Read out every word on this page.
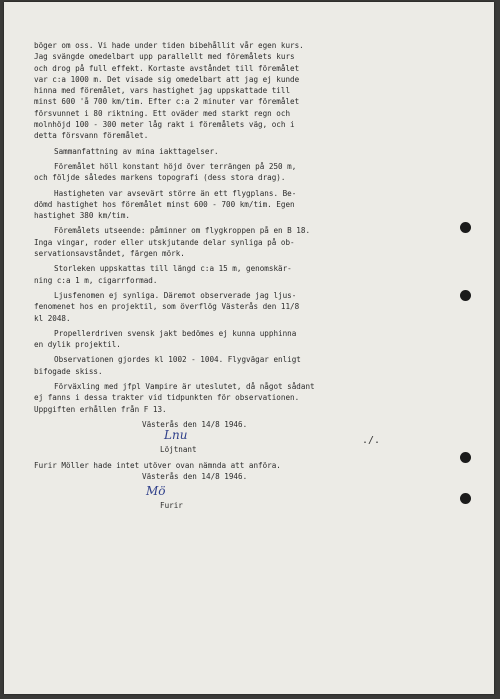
böger om oss. Vi hade under tiden bibehållit vår egen kurs.
Jag svängde omedelbart upp parallellt med föremålets kurs
och drog på full effekt. Kortaste avståndet till föremålet
var c:a 1000 m. Det visade sig omedelbart att jag ej kunde
hinna med föremålet, vars hastighet jag uppskattade till
minst 600 'å 700 km/tim. Efter c:a 2 minuter var föremålet
försvunnet i 80 riktning. Ett oväder med starkt regn och
molnhöjd 100 - 300 meter låg rakt i föremålets väg, och i
detta försvann föremålet.
Sammanfattning av mina iakttagelser.
Föremålet höll konstant höjd över terrängen på 250 m,
och följde således markens topografi (dess stora drag).
Hastigheten var avsevärt större än ett flygplans. Be-
dömd hastighet hos föremålet minst 600 - 700 km/tim. Egen
hastighet 380 km/tim.
Föremålets utseende: påminner om flygkroppen på en B 18.
Inga vingar, roder eller utskjutande delar synliga på ob-
servationsavståndet, färgen mörk.
Storleken uppskattas till längd c:a 15 m, genomskär-
ning c:a 1 m, cigarrformad.
Ljusfenomen ej synliga. Däremot observerade jag ljus-
fenomenet hos en projektil, som överflög Västerås den 11/8
kl 2048.
Propellerdriven svensk jakt bedömes ej kunna upphinna
en dylik projektil.
Observationen gjordes kl 1002 - 1004. Flygvägar enligt
bifogade skiss.
Förväxling med jfpl Vampire är uteslutet, då något sådant
ej fanns i dessa trakter vid tidpunkten för observationen.
Uppgiften erhållen från F 13.
Västerås den 14/8 1946.
Lnu
Löjtnant
Furir Möller hade intet utöver ovan nämnda att anföra.
Västerås den 14/8 1946.
Mö
Furir
./.
